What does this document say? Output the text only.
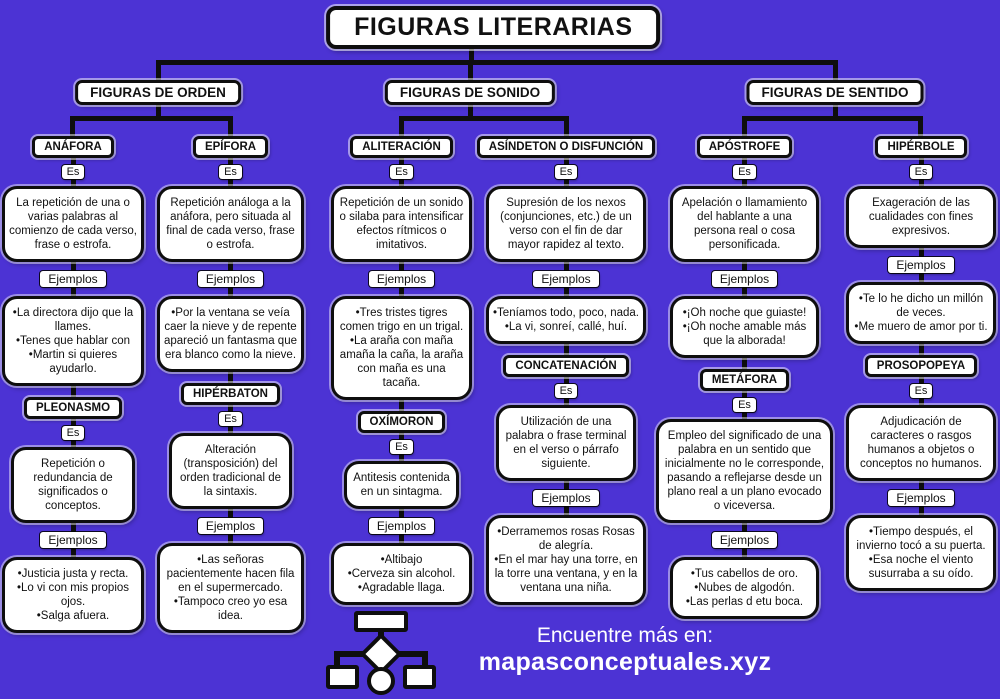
FIGURAS LITERARIAS
FIGURAS DE ORDEN	FIGURAS DE SONIDO	FIGURAS DE SENTIDO
ANÁFORA
Es
La repetición de una o varias palabras al comienzo de cada verso, frase o estrofa.
Ejemplos
•La directora dijo que la llames.
•Tenes que hablar con
•Martin si quieres ayudarlo.
PLEONASMO
Es
Repetición o redundancia de significados o conceptos.
Ejemplos
•Justicia justa y recta.
•Lo vi con mis propios ojos.
•Salga afuera.
EPÍFORA
Es
Repetición análoga a la anáfora, pero situada al final de cada verso, frase o estrofa.
Ejemplos
•Por la ventana se veía caer la nieve y de repente apareció un fantasma que era blanco como la nieve.
HIPÉRBATON
Es
Alteración (transposición) del orden tradicional de la sintaxis.
Ejemplos
•Las señoras pacientemente hacen fila en el supermercado.
•Tampoco creo yo esa idea.
ALITERACIÓN
Es
Repetición de un sonido o silaba para intensificar efectos rítmicos o imitativos.
Ejemplos
•Tres tristes tigres comen trigo en un trigal.
•La araña con maña amaña la caña, la araña con maña es una tacaña.
OXÍMORON
Es
Antitesis contenida en un sintagma.
Ejemplos
•Altibajo
•Cerveza sin alcohol.
•Agradable llaga.
ASÍNDETON O DISFUNCIÓN
Es
Supresión de los nexos (conjunciones, etc.) de un verso con el fin de dar mayor rapidez al texto.
Ejemplos
•Teníamos todo, poco, nada.
•La vi, sonreí, callé, huí.
CONCATENACIÓN
Es
Utilización de una palabra o frase terminal en el verso o párrafo siguiente.
Ejemplos
•Derramemos rosas Rosas de alegría.
•En el mar hay una torre, en la torre una ventana, y en la ventana una niña.
APÓSTROFE
Es
Apelación o llamamiento del hablante a una persona real o cosa personificada.
Ejemplos
•¡Oh noche que guiaste!
•¡Oh noche amable más que la alborada!
METÁFORA
Es
Empleo del significado de una palabra en un sentido que inicialmente no le corresponde, pasando a reflejarse desde un plano real a un plano evocado o viceversa.
Ejemplos
•Tus cabellos de oro.
•Nubes de algodón.
•Las perlas d etu boca.
HIPÉRBOLE
Es
Exageración de las cualidades con fines expresivos.
Ejemplos
•Te lo he dicho un millón de veces.
•Me muero de amor por ti.
PROSOPOPEYA
Es
Adjudicación de caracteres o rasgos humanos a objetos o conceptos no humanos.
Ejemplos
•Tiempo después, el invierno tocó a su puerta.
•Esa noche el viento susurraba a su oído.
Encuentre más en:
mapasconceptuales.xyz
